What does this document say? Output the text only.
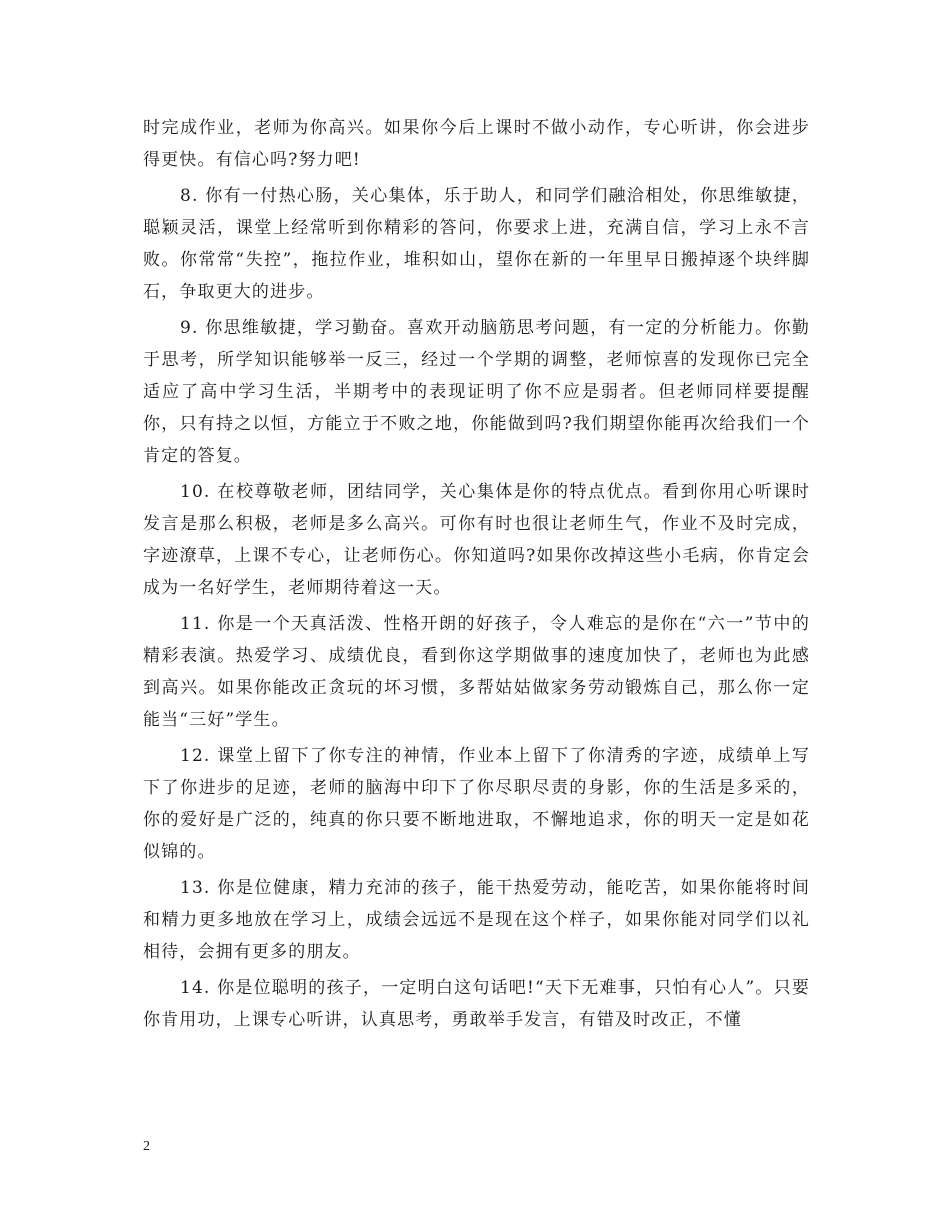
时完成作业，老师为你高兴。如果你今后上课时不做小动作，专心听讲，你会进步得更快。有信心吗?努力吧!

8. 你有一付热心肠，关心集体，乐于助人，和同学们融洽相处，你思维敏捷，聪颖灵活，课堂上经常听到你精彩的答问，你要求上进，充满自信，学习上永不言败。你常常“失控”，拖拉作业，堆积如山，望你在新的一年里早日搬掉逐个块绊脚石，争取更大的进步。

9. 你思维敏捷，学习勤奋。喜欢开动脑筋思考问题，有一定的分析能力。你勤于思考，所学知识能够举一反三，经过一个学期的调整，老师惊喜的发现你已完全适应了高中学习生活，半期考中的表现证明了你不应是弱者。但老师同样要提醒你，只有持之以恒，方能立于不败之地，你能做到吗?我们期望你能再次给我们一个肯定的答复。

10. 在校尊敬老师，团结同学，关心集体是你的特点优点。看到你用心听课时发言是那么积极，老师是多么高兴。可你有时也很让老师生气，作业不及时完成，字迹潦草，上课不专心，让老师伤心。你知道吗?如果你改掉这些小毛病，你肯定会成为一名好学生，老师期待着这一天。

11. 你是一个天真活泼、性格开朗的好孩子，令人难忘的是你在“六一”节中的精彩表演。热爱学习、成绩优良，看到你这学期做事的速度加快了，老师也为此感到高兴。如果你能改正贪玩的坏习惯，多帮姑姑做家务劳动锻炼自己，那么你一定能当“三好”学生。

12. 课堂上留下了你专注的神情，作业本上留下了你清秀的字迹，成绩单上写下了你进步的足迹，老师的脑海中印下了你尽职尽责的身影，你的生活是多采的，你的爱好是广泛的，纯真的你只要不断地进取，不懈地追求，你的明天一定是如花似锦的。

13. 你是位健康，精力充沛的孩子，能干热爱劳动，能吃苦，如果你能将时间和精力更多地放在学习上，成绩会远远不是现在这个样子，如果你能对同学们以礼相待，会拥有更多的朋友。

14. 你是位聪明的孩子，一定明白这句话吧!“天下无难事，只怕有心人”。只要你肯用功，上课专心听讲，认真思考，勇敢举手发言，有错及时改正，不懂

2
